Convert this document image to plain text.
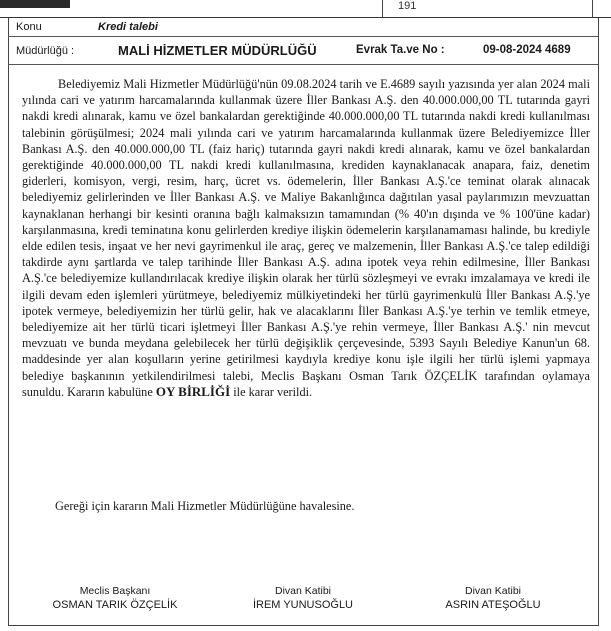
191
Konu	Kredi talebi
Müdürlüğü :	MALİ HİZMETLER MÜDÜRLÜĞÜ	Evrak Ta.ve No :	09-08-2024 4689

Belediyemiz Mali Hizmetler Müdürlüğü'nün 09.08.2024 tarih ve E.4689 sayılı yazısında yer alan 2024 mali yılında cari ve yatırım harcamalarında kullanmak üzere İller Bankası A.Ş. den 40.000.000,00 TL tutarında gayri nakdi kredi alınarak, kamu ve özel bankalardan gerektiğinde 40.000.000,00 TL tutarında nakdi kredi kullanılması talebinin görüşülmesi; 2024 mali yılında cari ve yatırım harcamalarında kullanmak üzere Belediyemizce İller Bankası A.Ş. den 40.000.000,00 TL (faiz hariç) tutarında gayri nakdi kredi alınarak, kamu ve özel bankalardan gerektiğinde 40.000.000,00 TL nakdi kredi kullanılmasına, krediden kaynaklanacak anapara, faiz, denetim giderleri, komisyon, vergi, resim, harç, ücret vs. ödemelerin, İller Bankası A.Ş.'ce teminat olarak alınacak belediyemiz gelirlerinden ve İller Bankası A.Ş. ve Maliye Bakanlığınca dağıtılan yasal paylarımızın mevzuattan kaynaklanan herhangi bir kesinti oranına bağlı kalmaksızın tamamından (% 40'ın dışında ve % 100'üne kadar) karşılanmasına, kredi teminatına konu gelirlerden krediye ilişkin ödemelerin karşılanamaması halinde, bu krediyle elde edilen tesis, inşaat ve her nevi gayrimenkul ile araç, gereç ve malzemenin, İller Bankası A.Ş.'ce talep edildiği takdirde aynı şartlarda ve talep tarihinde İller Bankası A.Ş. adına ipotek veya rehin edilmesine, İller Bankası A.Ş.'ce belediyemize kullandırılacak krediye ilişkin olarak her türlü sözleşmeyi ve evrakı imzalamaya ve kredi ile ilgili devam eden işlemleri yürütmeye, belediyemiz mülkiyetindeki her türlü gayrimenkulü İller Bankası A.Ş.'ye ipotek vermeye, belediyemizin her türlü gelir, hak ve alacaklarını İller Bankası A.Ş.'ye terhin ve temlik etmeye, belediyemize ait her türlü ticari işletmeyi İller Bankası A.Ş.'ye rehin vermeye, İller Bankası A.Ş.' nin mevcut mevzuatı ve bunda meydana gelebilecek her türlü değişiklik çerçevesinde, 5393 Sayılı Belediye Kanun'un 68. maddesinde yer alan koşulların yerine getirilmesi kaydıyla krediye konu işle ilgili her türlü işlemi yapmaya belediye başkanının yetkilendirilmesi talebi, Meclis Başkanı Osman Tarık ÖZÇELİK tarafından oylamaya sunuldu. Kararın kabulüne OY BİRLİĞİ ile karar verildi.

Gereği için kararın Mali Hizmetler Müdürlüğüne havalesine.
Meclis Başkanı
OSMAN TARIK ÖZÇELİK
Divan Katibi
İREM YUNUSOĞLU
Divan Katibi
ASRIN ATEŞOĞLU
